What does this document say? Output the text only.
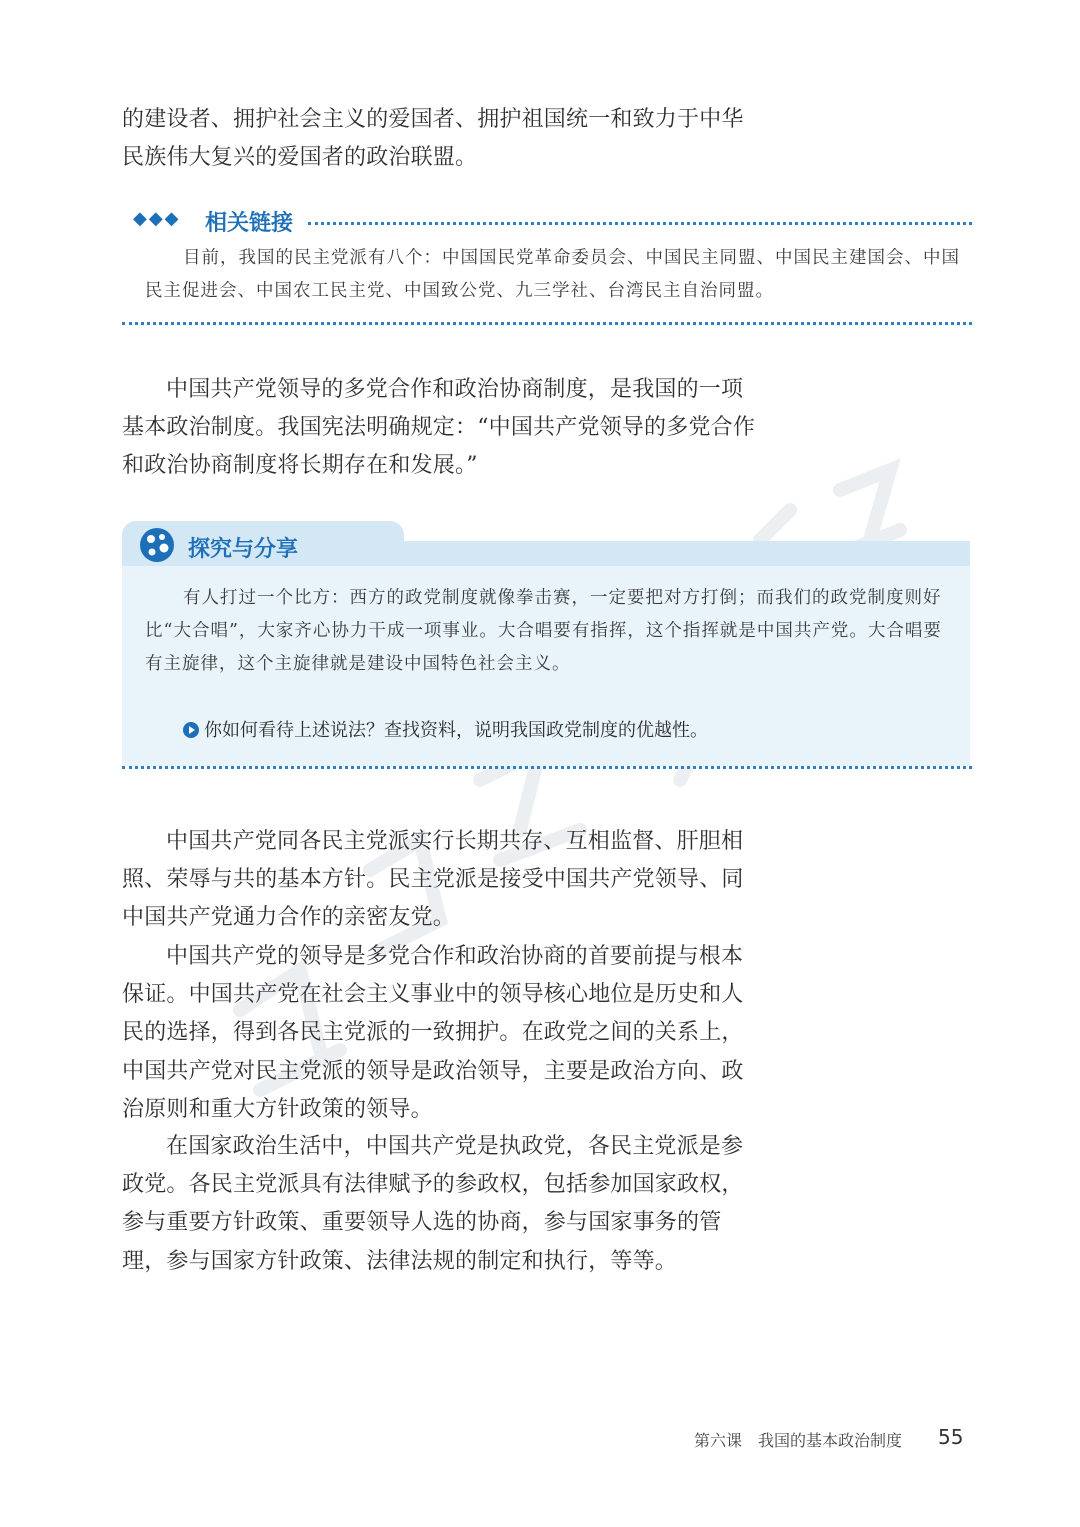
的建设者、拥护社会主义的爱国者、拥护祖国统一和致力于中华民族伟大复兴的爱国者的政治联盟。

◆◆◆ 相关链接

目前，我国的民主党派有八个：中国国民党革命委员会、中国民主同盟、中国民主建国会、中国民主促进会、中国农工民主党、中国致公党、九三学社、台湾民主自治同盟。

中国共产党领导的多党合作和政治协商制度，是我国的一项基本政治制度。我国宪法明确规定：“中国共产党领导的多党合作和政治协商制度将长期存在和发展。”

探究与分享

有人打过一个比方：西方的政党制度就像拳击赛，一定要把对方打倒；而我们的政党制度则好比“大合唱”，大家齐心协力干成一项事业。大合唱要有指挥，这个指挥就是中国共产党。大合唱要有主旋律，这个主旋律就是建设中国特色社会主义。

你如何看待上述说法？查找资料，说明我国政党制度的优越性。

中国共产党同各民主党派实行长期共存、互相监督、肝胆相照、荣辱与共的基本方针。民主党派是接受中国共产党领导、同中国共产党通力合作的亲密友党。

中国共产党的领导是多党合作和政治协商的首要前提与根本保证。中国共产党在社会主义事业中的领导核心地位是历史和人民的选择，得到各民主党派的一致拥护。在政党之间的关系上，中国共产党对民主党派的领导是政治领导，主要是政治方向、政治原则和重大方针政策的领导。

在国家政治生活中，中国共产党是执政党，各民主党派是参政党。各民主党派具有法律赋予的参政权，包括参加国家政权，参与重要方针政策、重要领导人选的协商，参与国家事务的管理，参与国家方针政策、法律法规的制定和执行，等等。

第六课　我国的基本政治制度 55
